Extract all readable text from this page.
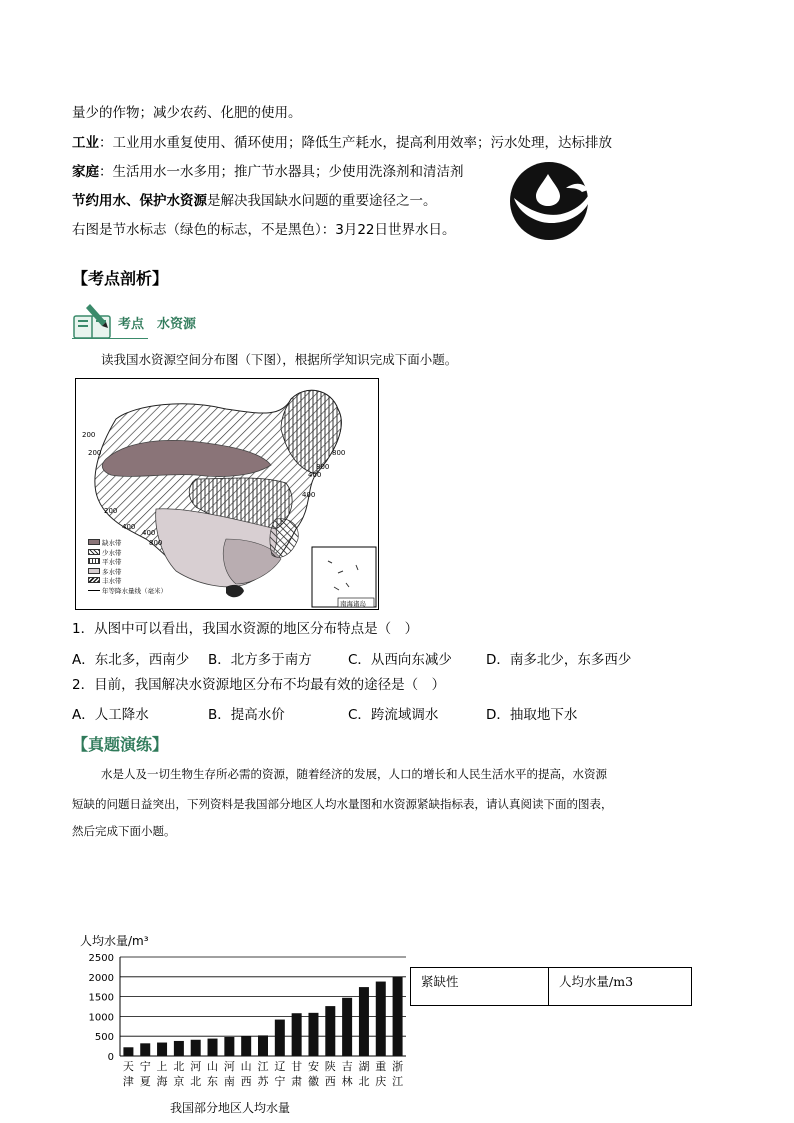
量少的作物；减少农药、化肥的使用。
工业：工业用水重复使用、循环使用；降低生产耗水，提高利用效率；污水处理，达标排放
家庭：生活用水一水多用；推广节水器具；少使用洗涤剂和清洁剂
节约用水、保护水资源是解决我国缺水问题的重要途径之一。
右图是节水标志（绿色的标志，不是黑色）：3月22日世界水日。
【考点剖析】
考点　水资源
读我国水资源空间分布图（下图），根据所学知识完成下面小题。
南海诸岛
200
200
200
400
400
800
800
400
400
800
缺水带
少水带
平水带
多水带
丰水带
年等降水量线（毫米）
1．从图中可以看出，我国水资源的地区分布特点是（　）
A．东北多，西南少 B．北方多于南方	C．从西向东减少	D．南多北少，东多西少
2．目前，我国解决水资源地区分布不均最有效的途径是（　）
A．人工降水	B．提高水价	C．跨流域调水	D．抽取地下水
【真题演练】
水是人及一切生物生存所必需的资源，随着经济的发展，人口的增长和人民生活水平的提高，水资源
短缺的问题日益突出，下列资料是我国部分地区人均水量图和水资源紧缺指标表，请认真阅读下面的图表，
然后完成下面小题。
人均水量/m³
2500
2000
1500
1000
500
0
天
津
宁
夏
上
海
北
京
河
北
山
东
河
南
山
西
江
苏
辽
宁
甘
肃
安
徽
陕
西
吉
林
湖
北
重
庆
浙
江
我国部分地区人均水量
紧缺性	人均水量/m3
